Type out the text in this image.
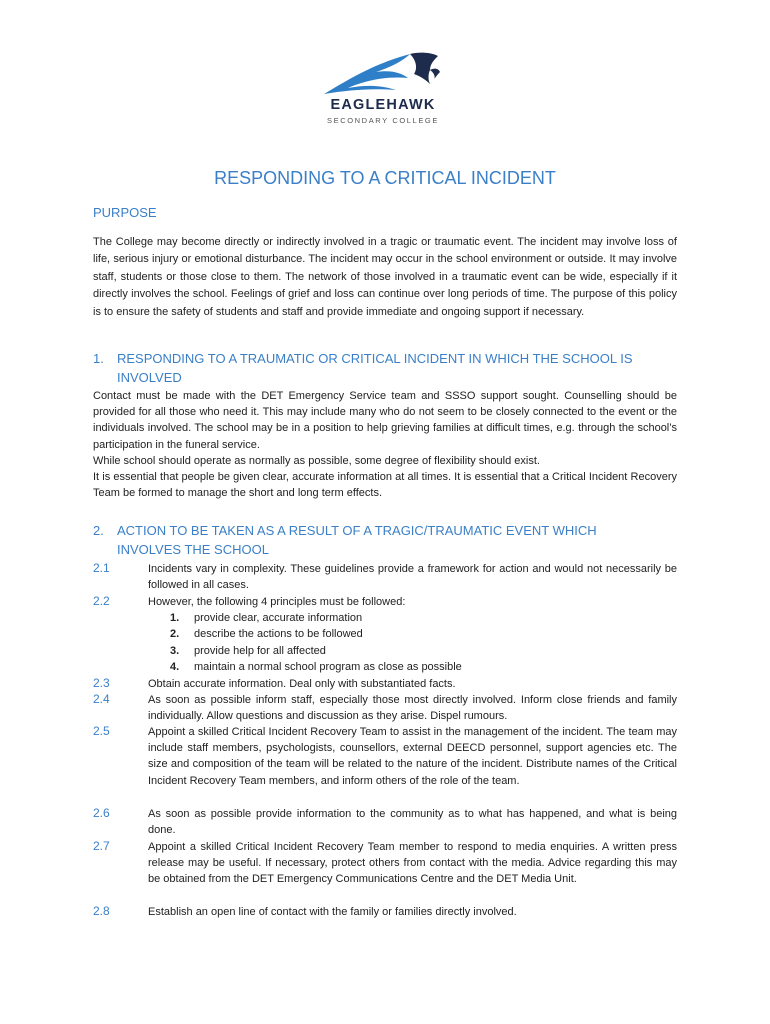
EAGLEHAWK
SECONDARY COLLEGE
RESPONDING TO A CRITICAL INCIDENT
PURPOSE
The College may become directly or indirectly involved in a tragic or traumatic event. The incident may involve loss of life, serious injury or emotional disturbance. The incident may occur in the school environment or outside. It may involve staff, students or those close to them. The network of those involved in a traumatic event can be wide, especially if it directly involves the school. Feelings of grief and loss can continue over long periods of time. The purpose of this policy is to ensure the safety of students and staff and provide immediate and ongoing support if necessary.
1. RESPONDING TO A TRAUMATIC OR CRITICAL INCIDENT IN WHICH THE SCHOOL IS
INVOLVED
Contact must be made with the DET Emergency Service team and SSSO support sought. Counselling should be provided for all those who need it. This may include many who do not seem to be closely connected to the event or the individuals involved. The school may be in a position to help grieving families at difficult times, e.g. through the school’s participation in the funeral service.
While school should operate as normally as possible, some degree of flexibility should exist.
It is essential that people be given clear, accurate information at all times. It is essential that a Critical Incident Recovery Team be formed to manage the short and long term effects.
2. ACTION TO BE TAKEN AS A RESULT OF A TRAGIC/TRAUMATIC EVENT WHICH
INVOLVES THE SCHOOL
2.1	Incidents vary in complexity. These guidelines provide a framework for action and would not necessarily be followed in all cases.
2.2	However, the following 4 principles must be followed:
1. provide clear, accurate information
2. describe the actions to be followed
3. provide help for all affected
4. maintain a normal school program as close as possible
2.3	Obtain accurate information. Deal only with substantiated facts.
2.4	As soon as possible inform staff, especially those most directly involved. Inform close friends and family individually. Allow questions and discussion as they arise. Dispel rumours.
2.5	Appoint a skilled Critical Incident Recovery Team to assist in the management of the incident. The team may include staff members, psychologists, counsellors, external DEECD personnel, support agencies etc. The size and composition of the team will be related to the nature of the incident. Distribute names of the Critical Incident Recovery Team members, and inform others of the role of the team.
2.6	As soon as possible provide information to the community as to what has happened, and what is being done.
2.7	Appoint a skilled Critical Incident Recovery Team member to respond to media enquiries. A written press release may be useful. If necessary, protect others from contact with the media. Advice regarding this may be obtained from the DET Emergency Communications Centre and the DET Media Unit.
2.8	Establish an open line of contact with the family or families directly involved.
